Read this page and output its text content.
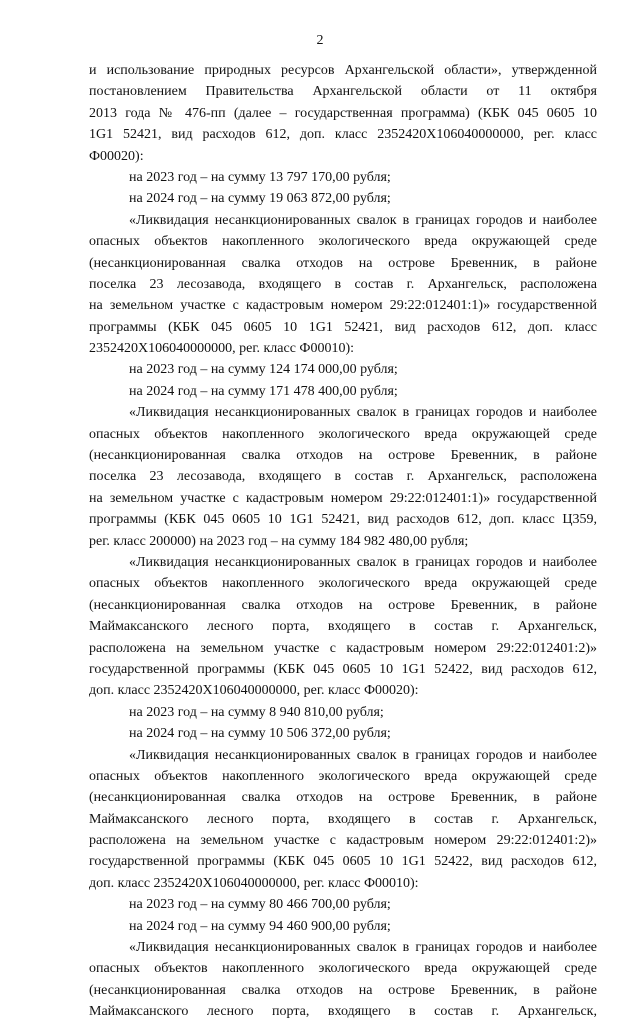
2
и использование природных ресурсов Архангельской области», утвержденной
постановлением Правительства Архангельской области от 11 октября
2013 года № 476-пп (далее – государственная программа) (КБК 045 0605 10
1G1 52421, вид расходов 612, доп. класс 2352420Х106040000000, рег. класс
Ф00020):
на 2023 год – на сумму 13 797 170,00 рубля;
на 2024 год – на сумму 19 063 872,00 рубля;
«Ликвидация несанкционированных свалок в границах городов и наиболее
опасных объектов накопленного экологического вреда окружающей среде
(несанкционированная свалка отходов на острове Бревенник, в районе
поселка 23 лесозавода, входящего в состав г. Архангельск, расположена
на земельном участке с кадастровым номером 29:22:012401:1)» государственной
программы (КБК 045 0605 10 1G1 52421, вид расходов 612, доп. класс
2352420Х106040000000, рег. класс Ф00010):
на 2023 год – на сумму 124 174 000,00 рубля;
на 2024 год – на сумму 171 478 400,00 рубля;
«Ликвидация несанкционированных свалок в границах городов и наиболее
опасных объектов накопленного экологического вреда окружающей среде
(несанкционированная свалка отходов на острове Бревенник, в районе
поселка 23 лесозавода, входящего в состав г. Архангельск, расположена
на земельном участке с кадастровым номером 29:22:012401:1)» государственной
программы (КБК 045 0605 10 1G1 52421, вид расходов 612, доп. класс Ц359,
рег. класс 200000) на 2023 год – на сумму 184 982 480,00 рубля;
«Ликвидация несанкционированных свалок в границах городов и наиболее
опасных объектов накопленного экологического вреда окружающей среде
(несанкционированная свалка отходов на острове Бревенник, в районе
Маймаксанского лесного порта, входящего в состав г. Архангельск,
расположена на земельном участке с кадастровым номером 29:22:012401:2)»
государственной программы (КБК 045 0605 10 1G1 52422, вид расходов 612,
доп. класс 2352420Х106040000000, рег. класс Ф00020):
на 2023 год – на сумму 8 940 810,00 рубля;
на 2024 год – на сумму 10 506 372,00 рубля;
«Ликвидация несанкционированных свалок в границах городов и наиболее
опасных объектов накопленного экологического вреда окружающей среде
(несанкционированная свалка отходов на острове Бревенник, в районе
Маймаксанского лесного порта, входящего в состав г. Архангельск,
расположена на земельном участке с кадастровым номером 29:22:012401:2)»
государственной программы (КБК 045 0605 10 1G1 52422, вид расходов 612,
доп. класс 2352420Х106040000000, рег. класс Ф00010):
на 2023 год – на сумму 80 466 700,00 рубля;
на 2024 год – на сумму 94 460 900,00 рубля;
«Ликвидация несанкционированных свалок в границах городов и наиболее
опасных объектов накопленного экологического вреда окружающей среде
(несанкционированная свалка отходов на острове Бревенник, в районе
Маймаксанского лесного порта, входящего в состав г. Архангельск,
